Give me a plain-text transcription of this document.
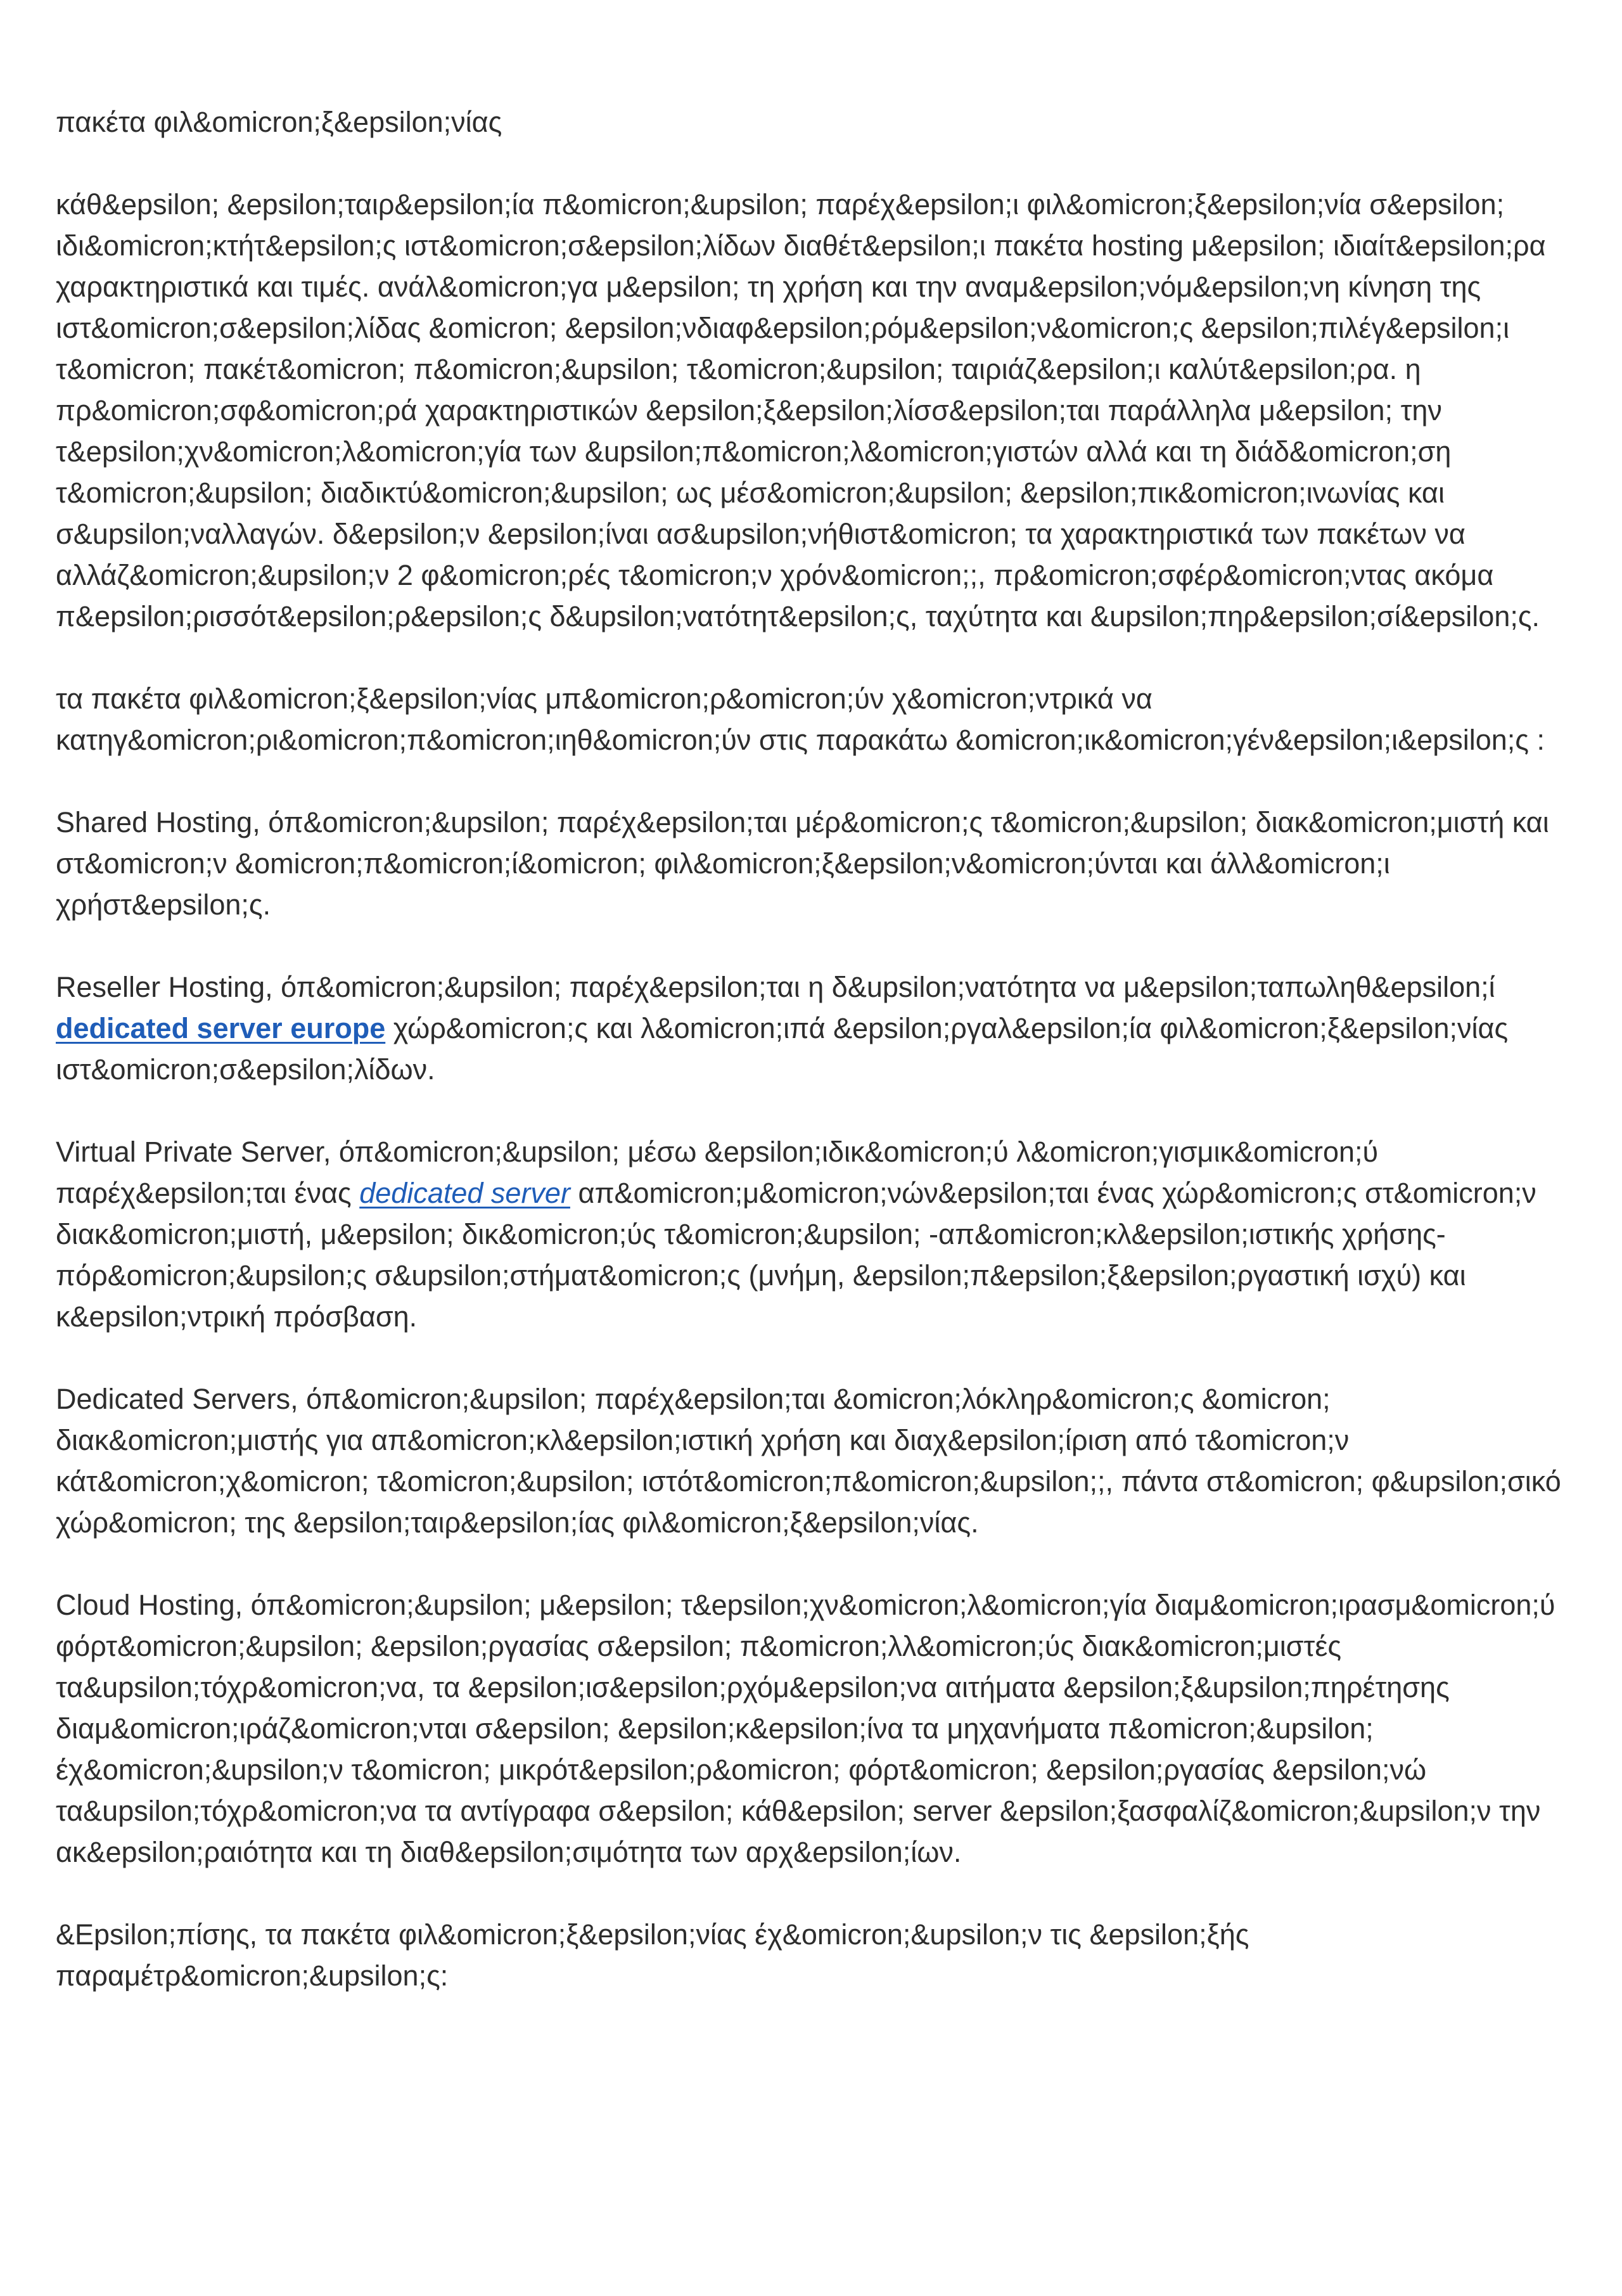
πακέτα φιλ&omicron;ξ&epsilon;νίας

κάθ&epsilon; &epsilon;ταιρ&epsilon;ία π&omicron;&upsilon; παρέχ&epsilon;ι φιλ&omicron;ξ&epsilon;νία σ&epsilon; ιδι&omicron;κτήτ&epsilon;ς ιστ&omicron;σ&epsilon;λίδων διαθέτ&epsilon;ι πακέτα hosting μ&epsilon; ιδιαίτ&epsilon;ρα χαρακτηριστικά και τιμές. ανάλ&omicron;γα μ&epsilon; τη χρήση και την αναμ&epsilon;νόμ&epsilon;νη κίνηση της ιστ&omicron;σ&epsilon;λίδας &omicron; &epsilon;νδιαφ&epsilon;ρόμ&epsilon;ν&omicron;ς &epsilon;πιλέγ&epsilon;ι τ&omicron; πακέτ&omicron; π&omicron;&upsilon; τ&omicron;&upsilon; ταιριάζ&epsilon;ι καλύτ&epsilon;ρα. η πρ&omicron;σφ&omicron;ρά χαρακτηριστικών &epsilon;ξ&epsilon;λίσσ&epsilon;ται παράλληλα μ&epsilon; την τ&epsilon;χν&omicron;λ&omicron;γία των &upsilon;π&omicron;λ&omicron;γιστών αλλά και τη διάδ&omicron;ση τ&omicron;&upsilon; διαδικτύ&omicron;&upsilon; ως μέσ&omicron;&upsilon; &epsilon;πικ&omicron;ινωνίας και σ&upsilon;ναλλαγών. δ&epsilon;ν &epsilon;ίναι ασ&upsilon;νήθιστ&omicron; τα χαρακτηριστικά των πακέτων να αλλάζ&omicron;&upsilon;ν 2 φ&omicron;ρές τ&omicron;ν χρόν&omicron;;, πρ&omicron;σφέρ&omicron;ντας ακόμα π&epsilon;ρισσότ&epsilon;ρ&epsilon;ς δ&upsilon;νατότητ&epsilon;ς, ταχύτητα και &upsilon;πηρ&epsilon;σί&epsilon;ς.

τα πακέτα φιλ&omicron;ξ&epsilon;νίας μπ&omicron;ρ&omicron;ύν χ&omicron;ντρικά να κατηγ&omicron;ρι&omicron;π&omicron;ιηθ&omicron;ύν στις παρακάτω &omicron;ικ&omicron;γέν&epsilon;ι&epsilon;ς :

Shared Hosting, όπ&omicron;&upsilon; παρέχ&epsilon;ται μέρ&omicron;ς τ&omicron;&upsilon; διακ&omicron;μιστή και στ&omicron;ν &omicron;π&omicron;ί&omicron; φιλ&omicron;ξ&epsilon;ν&omicron;ύνται και άλλ&omicron;ι χρήστ&epsilon;ς.

Reseller Hosting, όπ&omicron;&upsilon; παρέχ&epsilon;ται η δ&upsilon;νατότητα να μ&epsilon;ταπωληθ&epsilon;ί dedicated server europe χώρ&omicron;ς και λ&omicron;ιπά &epsilon;ργαλ&epsilon;ία φιλ&omicron;ξ&epsilon;νίας ιστ&omicron;σ&epsilon;λίδων.

Virtual Private Server, όπ&omicron;&upsilon; μέσω &epsilon;ιδικ&omicron;ύ λ&omicron;γισμικ&omicron;ύ παρέχ&epsilon;ται ένας dedicated server απ&omicron;μ&omicron;νών&epsilon;ται ένας χώρ&omicron;ς στ&omicron;ν διακ&omicron;μιστή, μ&epsilon; δικ&omicron;ύς τ&omicron;&upsilon; -απ&omicron;κλ&epsilon;ιστικής χρήσης- πόρ&omicron;&upsilon;ς σ&upsilon;στήματ&omicron;ς (μνήμη, &epsilon;π&epsilon;ξ&epsilon;ργαστική ισχύ) και κ&epsilon;ντρική πρόσβαση.

Dedicated Servers, όπ&omicron;&upsilon; παρέχ&epsilon;ται &omicron;λόκληρ&omicron;ς &omicron; διακ&omicron;μιστής για απ&omicron;κλ&epsilon;ιστική χρήση και διαχ&epsilon;ίριση από τ&omicron;ν κάτ&omicron;χ&omicron; τ&omicron;&upsilon; ιστότ&omicron;π&omicron;&upsilon;;, πάντα στ&omicron; φ&upsilon;σικό χώρ&omicron; της &epsilon;ταιρ&epsilon;ίας φιλ&omicron;ξ&epsilon;νίας.

Cloud Hosting, όπ&omicron;&upsilon; μ&epsilon; τ&epsilon;χν&omicron;λ&omicron;γία διαμ&omicron;ιρασμ&omicron;ύ φόρτ&omicron;&upsilon; &epsilon;ργασίας σ&epsilon; π&omicron;λλ&omicron;ύς διακ&omicron;μιστές τα&upsilon;τόχρ&omicron;να, τα &epsilon;ισ&epsilon;ρχόμ&epsilon;να αιτήματα &epsilon;ξ&upsilon;πηρέτησης διαμ&omicron;ιράζ&omicron;νται σ&epsilon; &epsilon;κ&epsilon;ίνα τα μηχανήματα π&omicron;&upsilon; έχ&omicron;&upsilon;ν τ&omicron; μικρότ&epsilon;ρ&omicron; φόρτ&omicron; &epsilon;ργασίας &epsilon;νώ τα&upsilon;τόχρ&omicron;να τα αντίγραφα σ&epsilon; κάθ&epsilon; server &epsilon;ξασφαλίζ&omicron;&upsilon;ν την ακ&epsilon;ραιότητα και τη διαθ&epsilon;σιμότητα των αρχ&epsilon;ίων.

&Epsilon;πίσης, τα πακέτα φιλ&omicron;ξ&epsilon;νίας έχ&omicron;&upsilon;ν τις &epsilon;ξής παραμέτρ&omicron;&upsilon;ς:
